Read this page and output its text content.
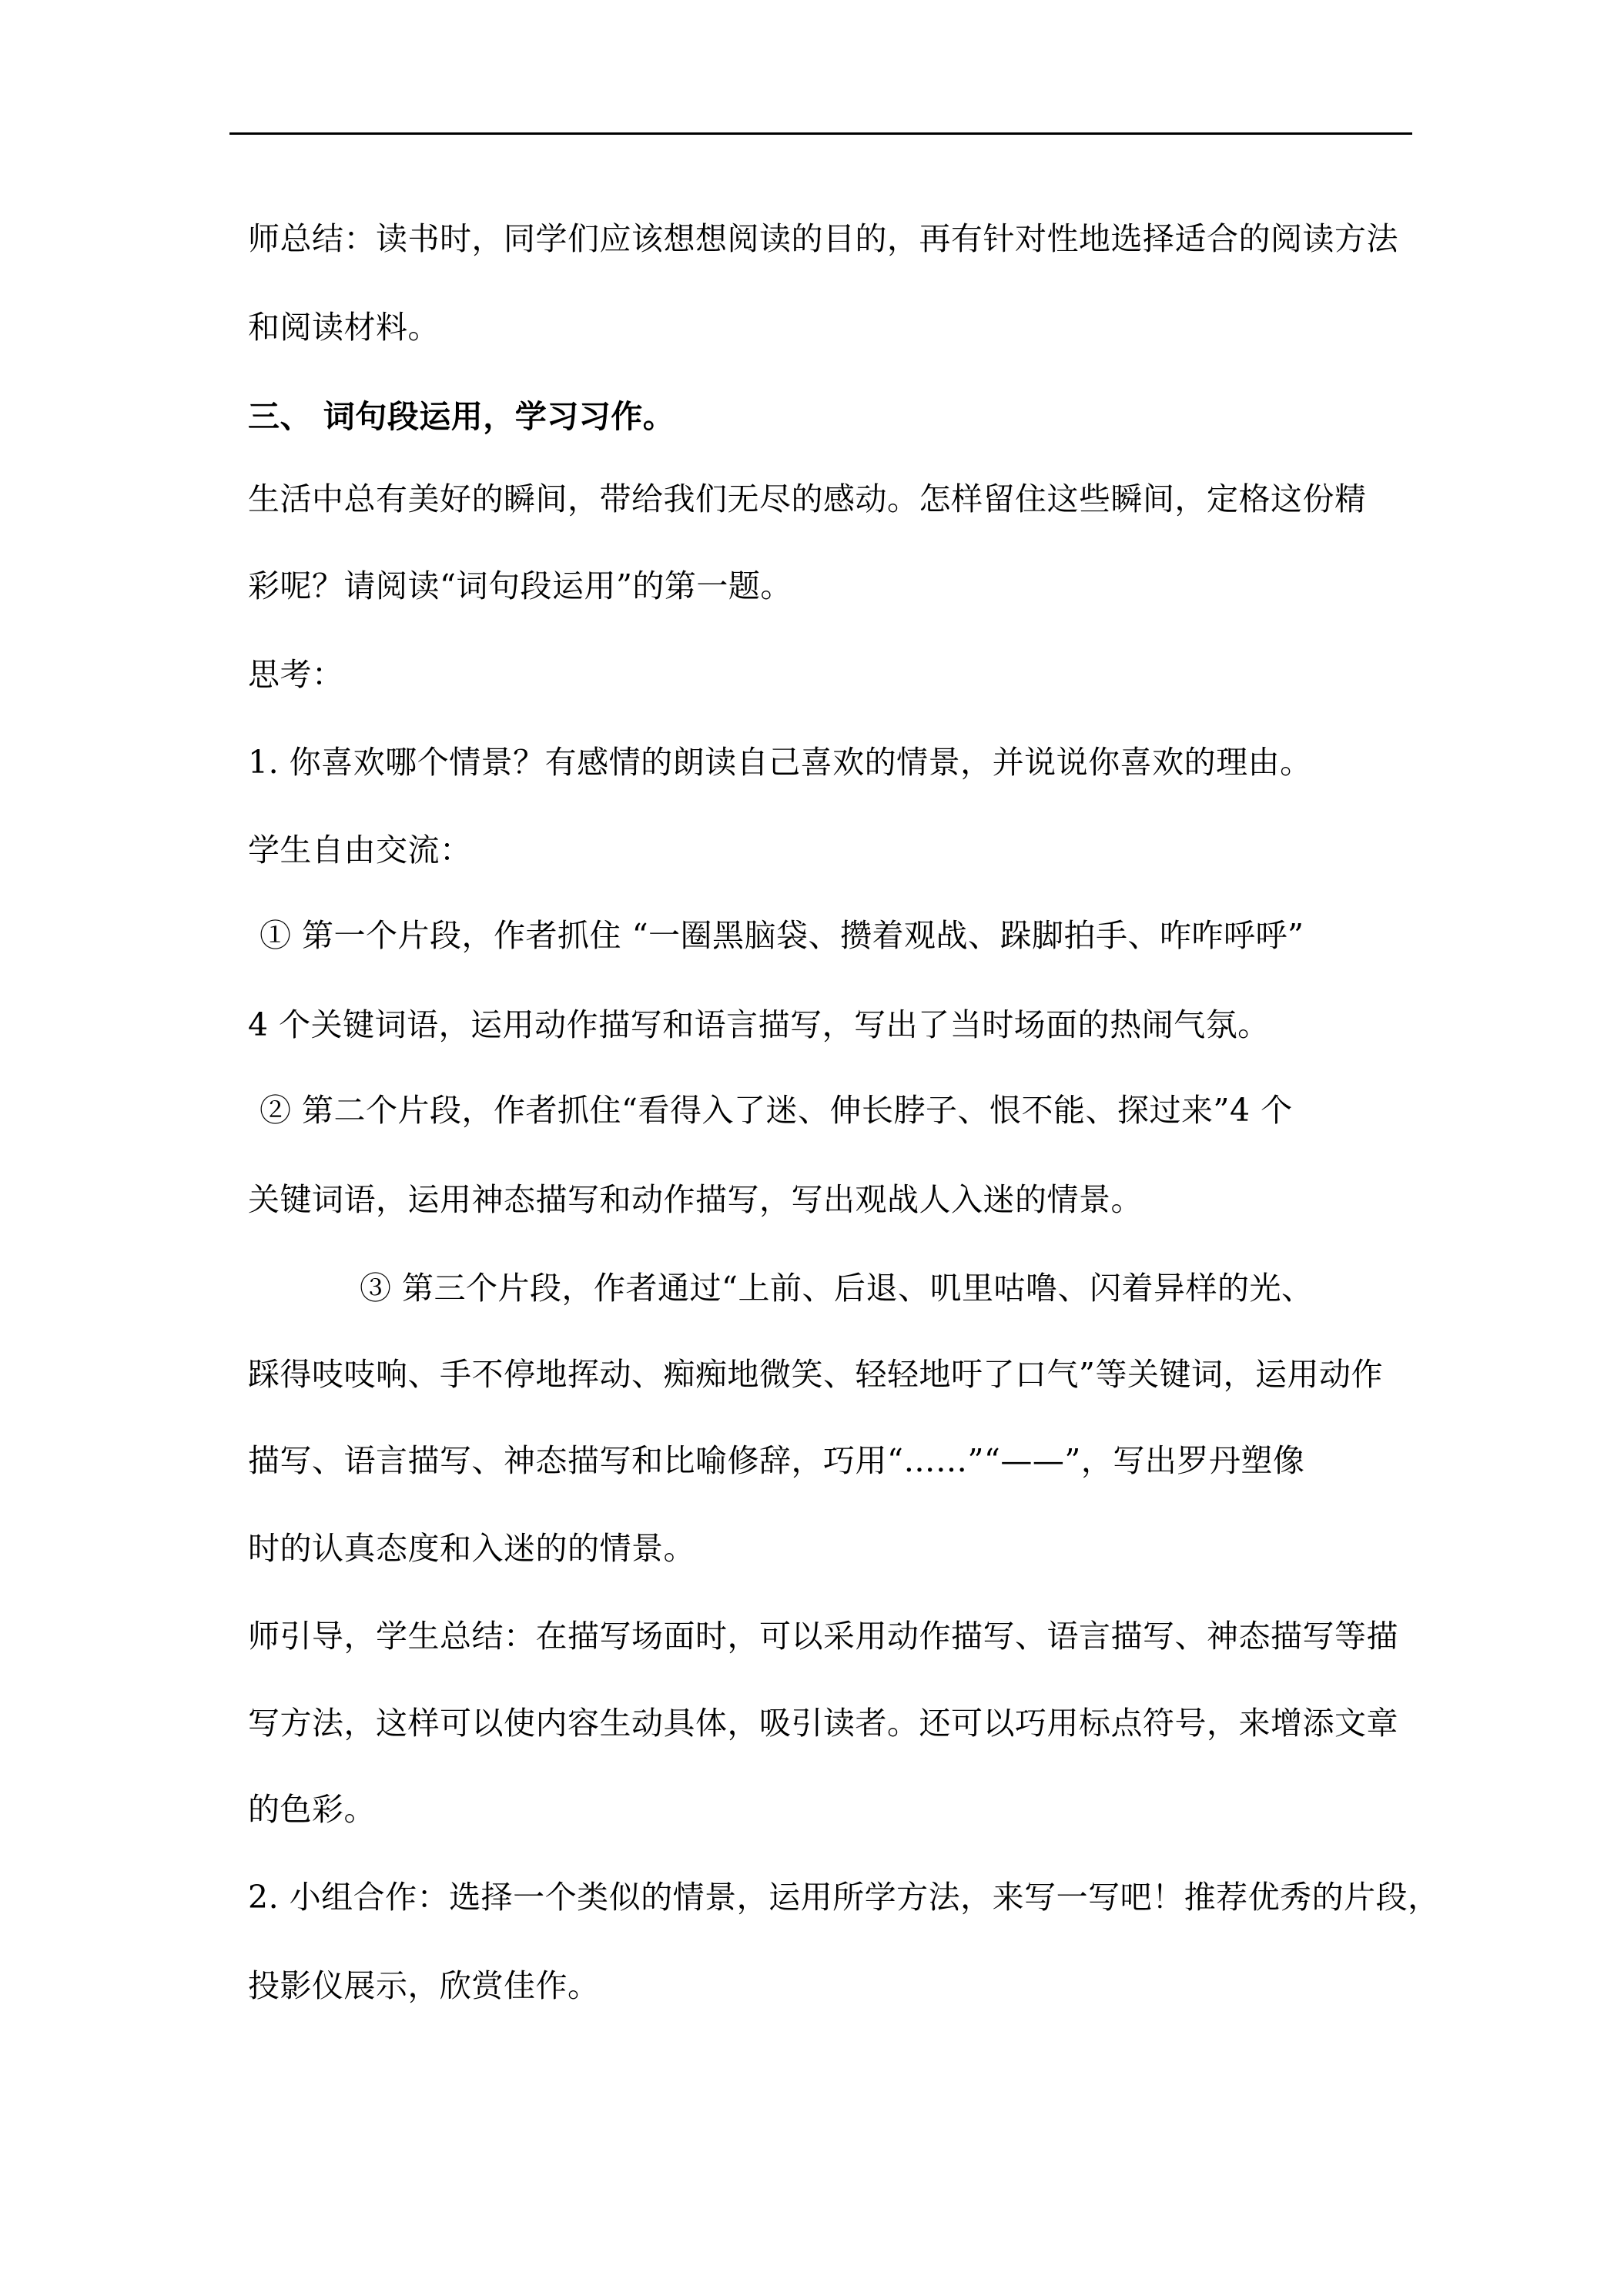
师总结：读书时，同学们应该想想阅读的目的，再有针对性地选择适合的阅读方法
和阅读材料。
三、 词句段运用，学习习作。
生活中总有美好的瞬间，带给我们无尽的感动。怎样留住这些瞬间，定格这份精
彩呢？请阅读“词句段运用”的第一题。
思考：
1. 你喜欢哪个情景？有感情的朗读自己喜欢的情景，并说说你喜欢的理由。
学生自由交流：
① 第一个片段，作者抓住 “一圈黑脑袋、攒着观战、跺脚拍手、咋咋呼呼”
4 个关键词语，运用动作描写和语言描写，写出了当时场面的热闹气氛。
② 第二个片段，作者抓住“看得入了迷、伸长脖子、恨不能、探过来”4 个
关键词语，运用神态描写和动作描写，写出观战人入迷的情景。
③ 第三个片段，作者通过“上前、后退、叽里咕噜、闪着异样的光、
踩得吱吱响、手不停地挥动、痴痴地微笑、轻轻地吁了口气”等关键词，运用动作
描写、语言描写、神态描写和比喻修辞，巧用“……”“——”，写出罗丹塑像
时的认真态度和入迷的的情景。
师引导，学生总结：在描写场面时，可以采用动作描写、语言描写、神态描写等描
写方法，这样可以使内容生动具体，吸引读者。还可以巧用标点符号，来增添文章
的色彩。
2. 小组合作：选择一个类似的情景，运用所学方法，来写一写吧！推荐优秀的片段，
投影仪展示，欣赏佳作。
